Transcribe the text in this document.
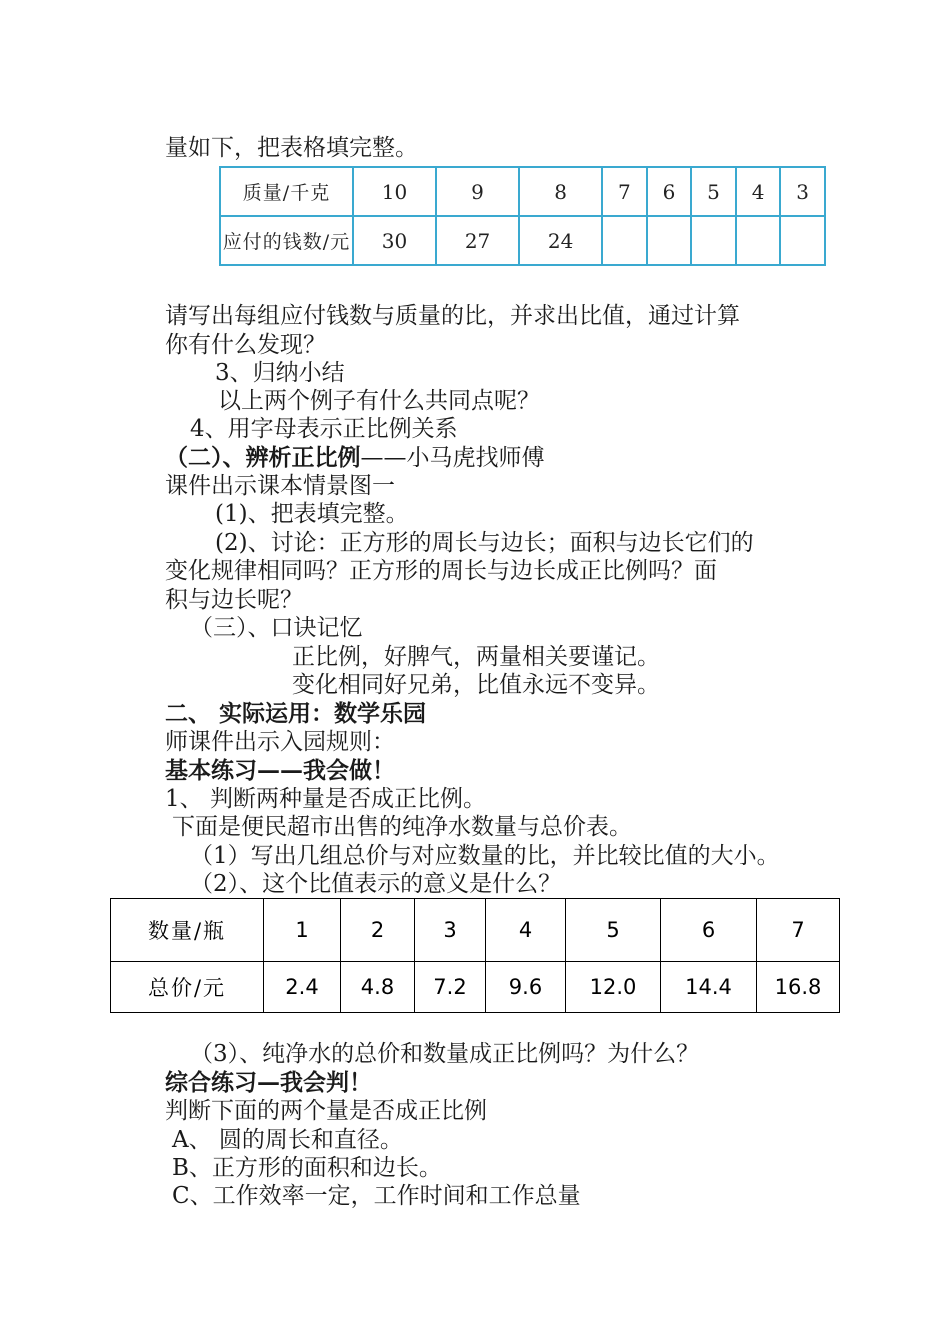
量如下，把表格填完整。
质量/千克	10	9	8	7	6	5	4	3
应付的钱数/元	30	27	24					
请写出每组应付钱数与质量的比，并求出比值，通过计算
你有什么发现？
3、归纳小结
以上两个例子有什么共同点呢？
4、用字母表示正比例关系
（二）、辨析正比例——小马虎找师傅
课件出示课本情景图一
(1)、把表填完整。
(2)、讨论：正方形的周长与边长；面积与边长它们的
变化规律相同吗？正方形的周长与边长成正比例吗？面
积与边长呢？
（三）、口诀记忆
正比例，好脾气，两量相关要谨记。
变化相同好兄弟，比值永远不变异。
二、 实际运用：数学乐园
师课件出示入园规则：
基本练习——我会做！
1、 判断两种量是否成正比例。
下面是便民超市出售的纯净水数量与总价表。
（1）写出几组总价与对应数量的比，并比较比值的大小。
（2）、这个比值表示的意义是什么？
数量/瓶	1	2	3	4	5	6	7
总价/元	2.4	4.8	7.2	9.6	12.0	14.4	16.8
（3）、纯净水的总价和数量成正比例吗？为什么？
综合练习—我会判！
判断下面的两个量是否成正比例
A、 圆的周长和直径。
B、正方形的面积和边长。
C、工作效率一定，工作时间和工作总量
